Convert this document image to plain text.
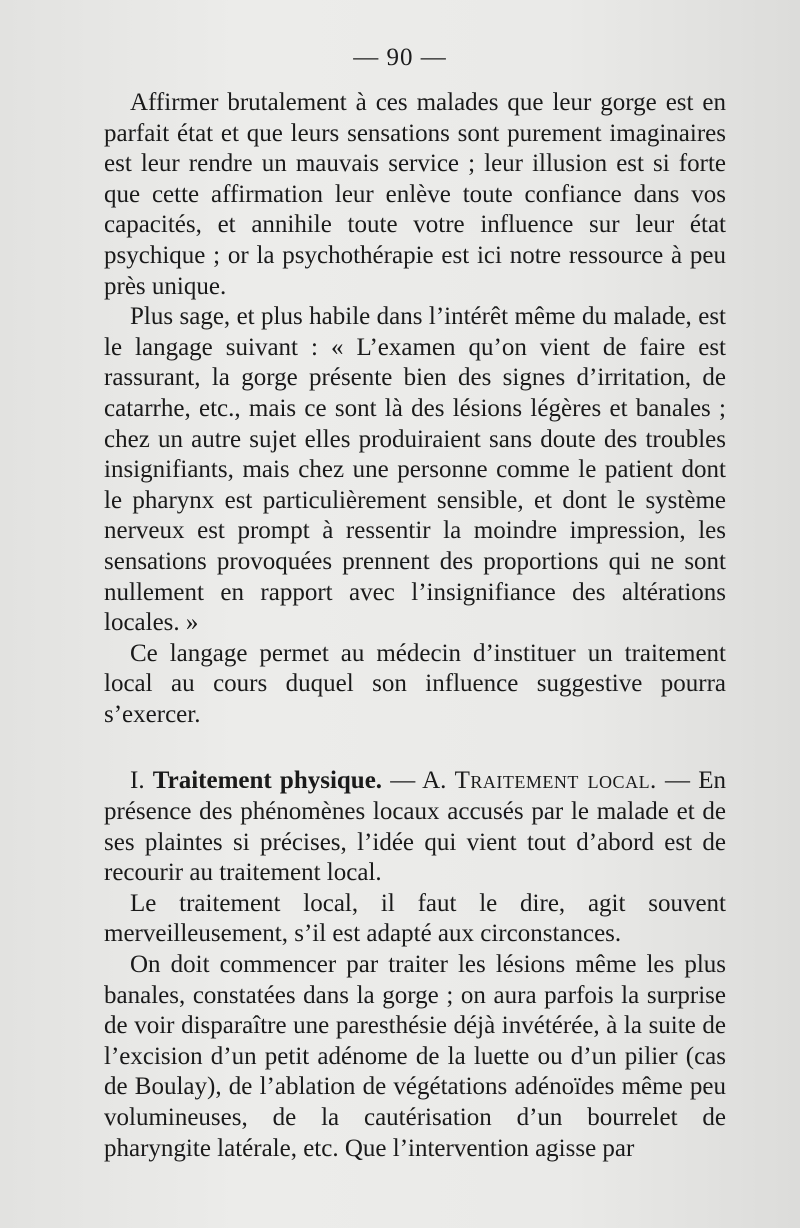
— 90 —

Affirmer brutalement à ces malades que leur gorge est en parfait état et que leurs sensations sont purement imaginaires est leur rendre un mauvais service ; leur illusion est si forte que cette affirmation leur enlève toute confiance dans vos capacités, et annihile toute votre influence sur leur état psychique ; or la psychothérapie est ici notre ressource à peu près unique.

Plus sage, et plus habile dans l’intérêt même du malade, est le langage suivant : « L’examen qu’on vient de faire est rassurant, la gorge présente bien des signes d’irritation, de catarrhe, etc., mais ce sont là des lésions légères et banales ; chez un autre sujet elles produiraient sans doute des troubles insignifiants, mais chez une personne comme le patient dont le pharynx est particulièrement sensible, et dont le système nerveux est prompt à ressentir la moindre impression, les sensations provoquées prennent des proportions qui ne sont nullement en rapport avec l’insignifiance des altérations locales. »

Ce langage permet au médecin d’instituer un traitement local au cours duquel son influence suggestive pourra s’exercer.

I. Traitement physique. — A. Traitement local. — En présence des phénomènes locaux accusés par le malade et de ses plaintes si précises, l’idée qui vient tout d’abord est de recourir au traitement local.

Le traitement local, il faut le dire, agit souvent merveilleusement, s’il est adapté aux circonstances.

On doit commencer par traiter les lésions même les plus banales, constatées dans la gorge ; on aura parfois la surprise de voir disparaître une paresthésie déjà invétérée, à la suite de l’excision d’un petit adénome de la luette ou d’un pilier (cas de Boulay), de l’ablation de végétations adénoïdes même peu volumineuses, de la cautérisation d’un bourrelet de pharyngite latérale, etc. Que l’intervention agisse par
